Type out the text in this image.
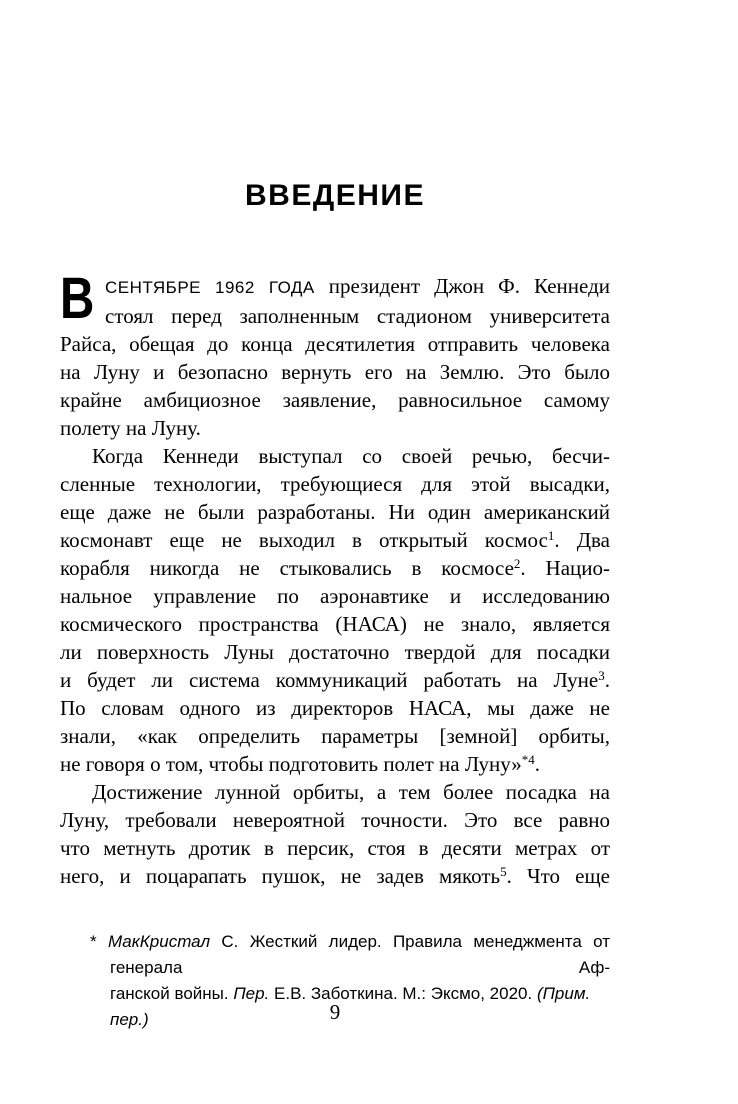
ВВЕДЕНИЕ
В СЕНТЯБРЕ 1962 ГОДА президент Джон Ф. Кеннеди
стоял перед заполненным стадионом университета
Райса, обещая до конца десятилетия отправить человека
на Луну и безопасно вернуть его на Землю. Это было
крайне амбициозное заявление, равносильное самому
полету на Луну.
Когда Кеннеди выступал со своей речью, бесчи-
сленные технологии, требующиеся для этой высадки,
еще даже не были разработаны. Ни один американский
космонавт еще не выходил в открытый космос$^1$. Два
корабля никогда не стыковались в космосе$^2$. Нацио-
нальное управление по аэронавтике и исследованию
космического пространства (НАСА) не знало, является
ли поверхность Луны достаточно твердой для посадки
и будет ли система коммуникаций работать на Луне$^3$.
По словам одного из директоров НАСА, мы даже не
знали, «как определить параметры [земной] орбиты,
не говоря о том, чтобы подготовить полет на Луну»$^{*4}$.
Достижение лунной орбиты, а тем более посадка на
Луну, требовали невероятной точности. Это все равно
что метнуть дротик в персик, стоя в десяти метрах от
него, и поцарапать пушок, не задев мякоть$^5$. Что еще
* МакКристал С. Жесткий лидер. Правила менеджмента от генерала Аф-
ганской войны. Пер. Е.В. Заботкина. М.: Эксмо, 2020. (Прим. пер.)	9
